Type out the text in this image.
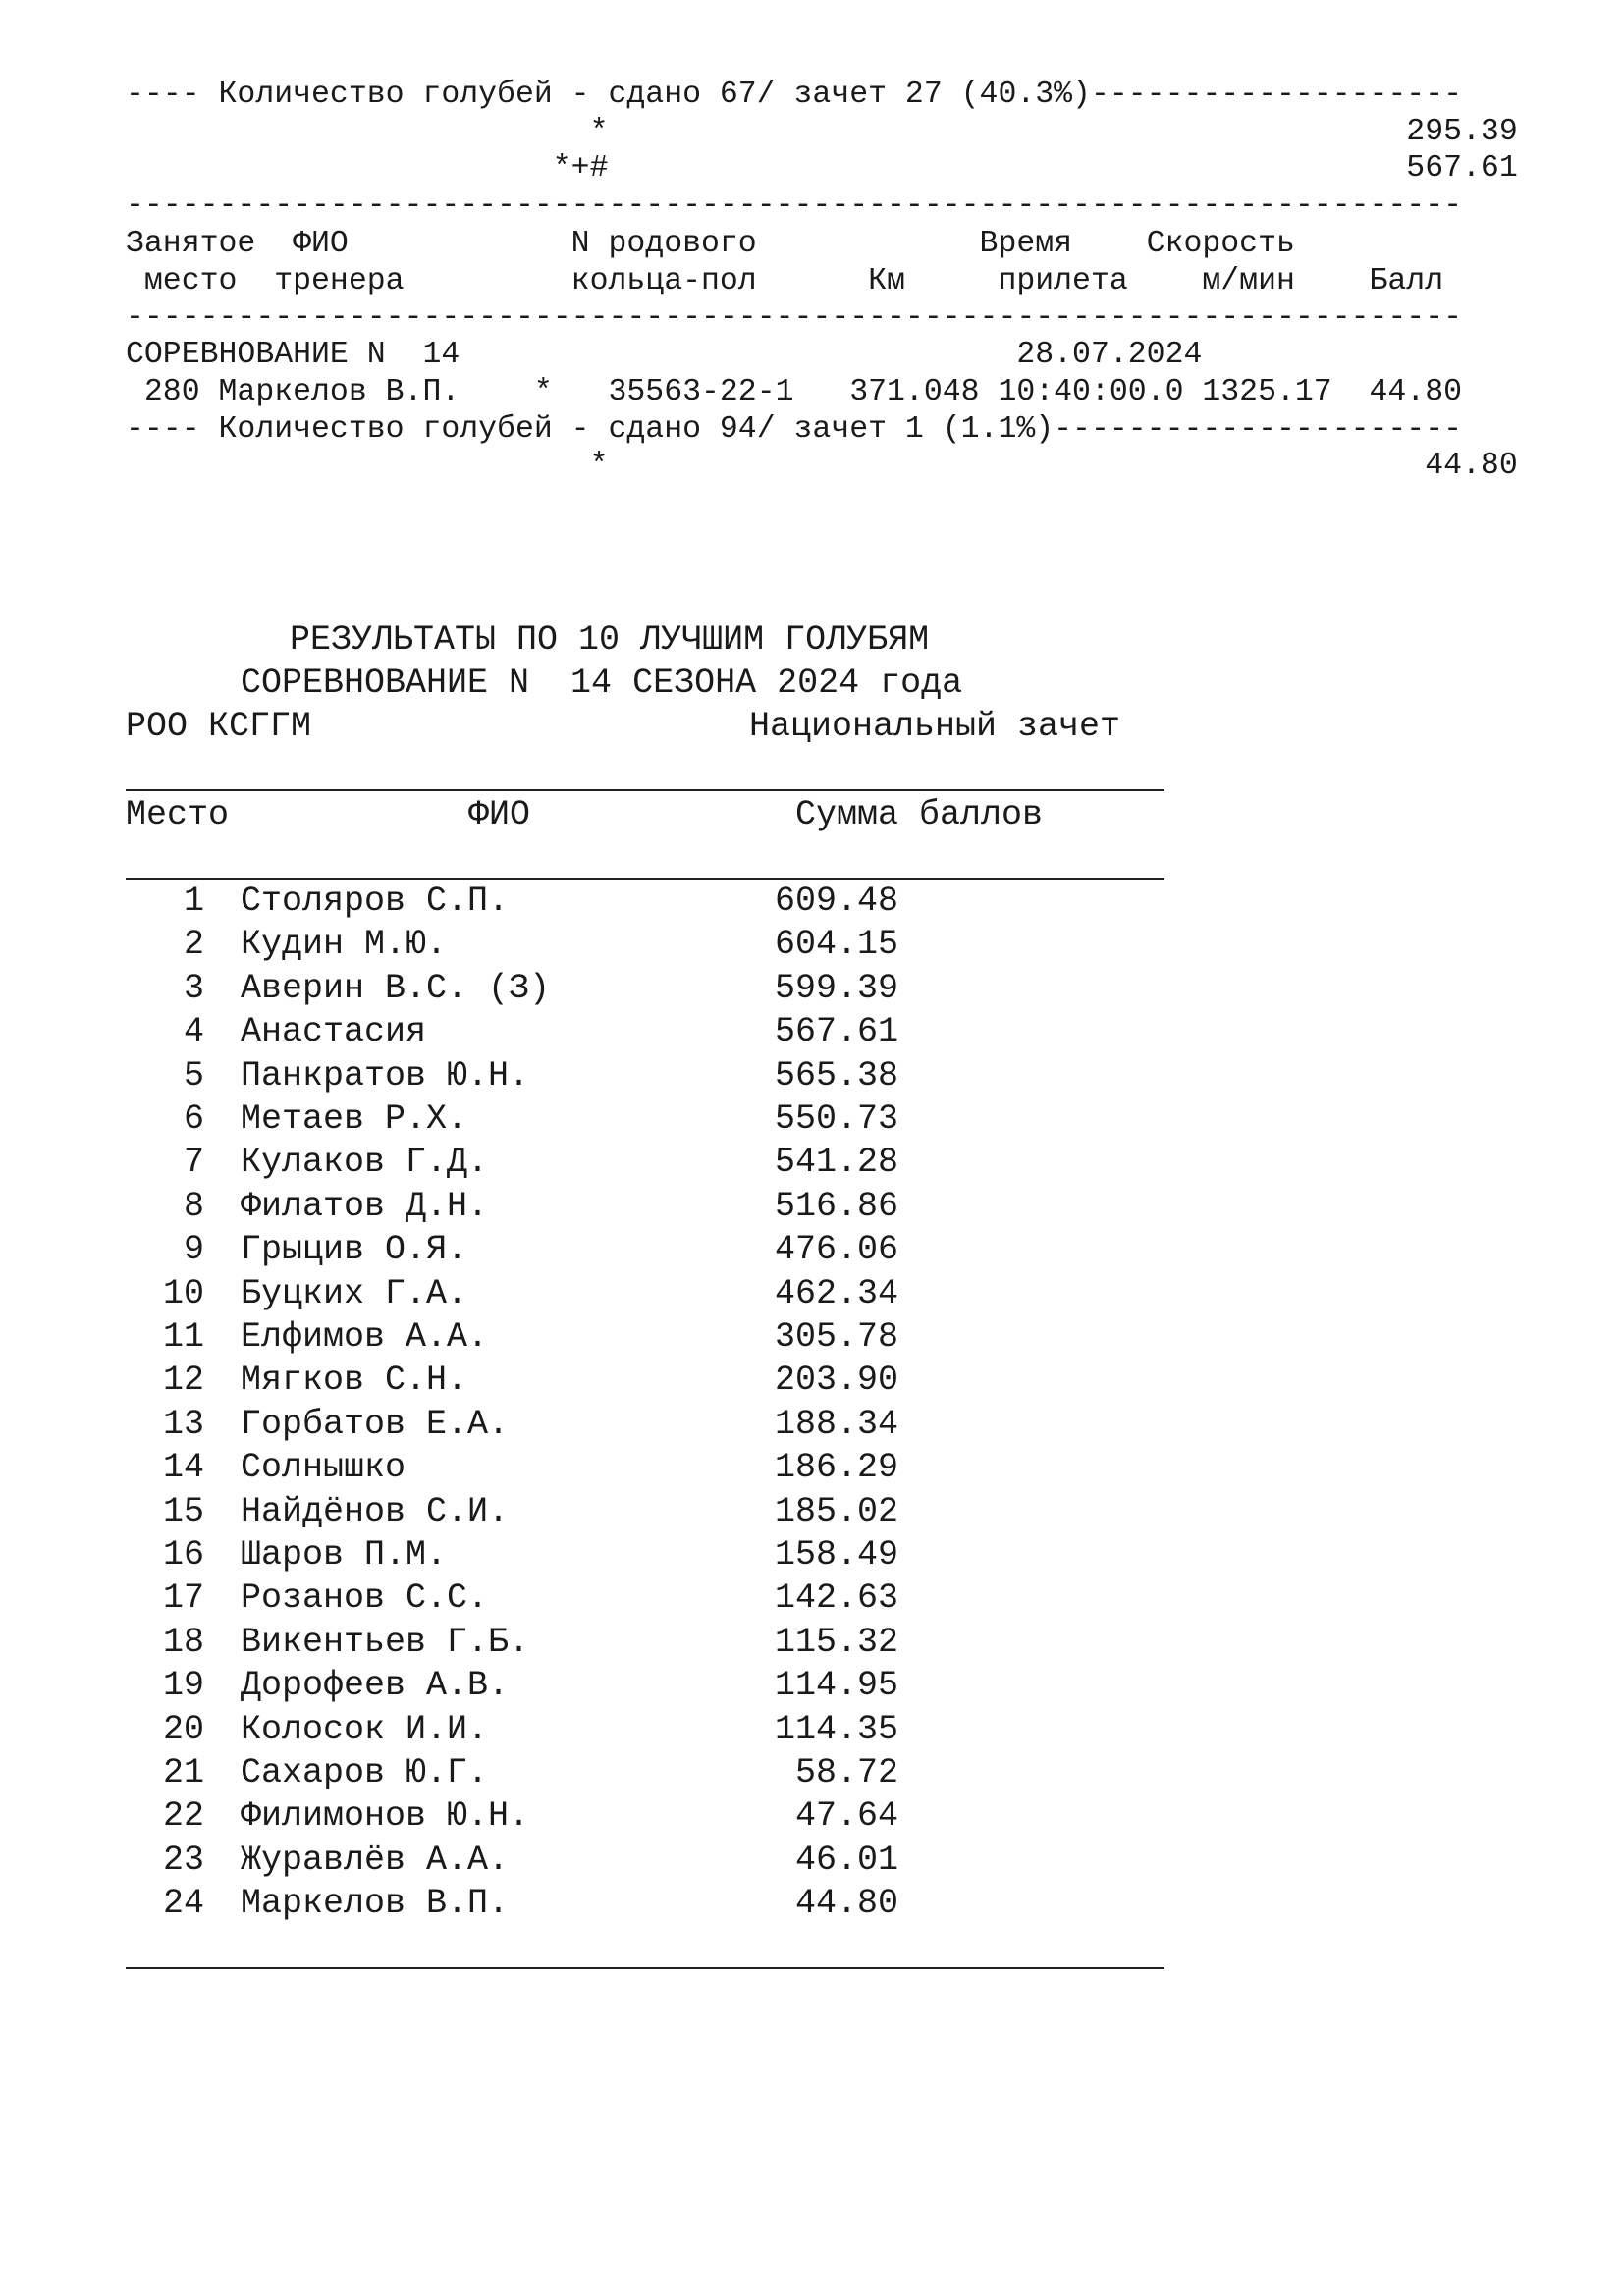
---- Количество голубей - сдано 67/ зачет 27 (40.3%)--------------------
*                                           295.39
*+#                                           567.61
------------------------------------------------------------------------
Занятое  ФИО            N родового            Время    Скорость
место  тренера         кольца-пол      Км     прилета    м/мин    Балл
------------------------------------------------------------------------
СОРЕВНОВАНИЕ N  14                              28.07.2024
280 Маркелов В.П.    *   35563-22-1   371.048 10:40:00.0 1325.17  44.80
---- Количество голубей - сдано 94/ зачет 1 (1.1%)----------------------
*                                            44.80
РЕЗУЛЬТАТЫ ПО 10 ЛУЧШИМ ГОЛУБЯМ
СОРЕВНОВАНИЕ N  14 СЕЗОНА 2024 года
РОО КСГГМ	Национальный зачет
Место	ФИО	Сумма баллов
1 Столяров С.П.	609.48
2 Кудин М.Ю.	604.15
3 Аверин В.С. (З)	599.39
4 Анастасия	567.61
5 Панкратов Ю.Н.	565.38
6 Метаев Р.Х.	550.73
7 Кулаков Г.Д.	541.28
8 Филатов Д.Н.	516.86
9 Грыцив О.Я.	476.06
10 Буцких Г.А.	462.34
11 Елфимов А.А.	305.78
12 Мягков С.Н.	203.90
13 Горбатов Е.А.	188.34
14 Солнышко	186.29
15 Найдёнов С.И.	185.02
16 Шаров П.М.	158.49
17 Розанов С.С.	142.63
18 Викентьев Г.Б.	115.32
19 Дорофеев А.В.	114.95
20 Колосок И.И.	114.35
21 Сахаров Ю.Г.	58.72
22 Филимонов Ю.Н.	47.64
23 Журавлёв А.А.	46.01
24 Маркелов В.П.	44.80
